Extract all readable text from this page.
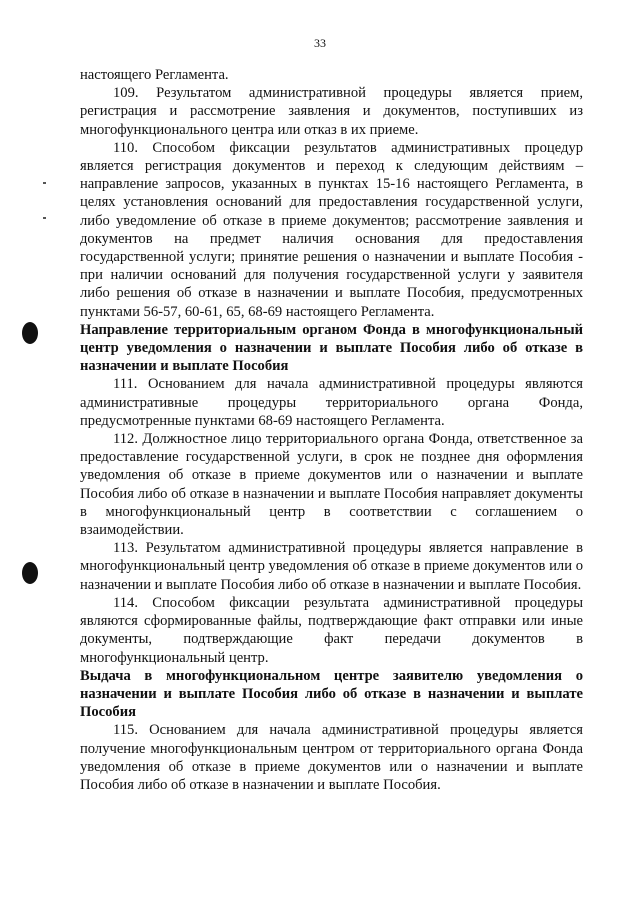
33

настоящего Регламента.

109. Результатом административной процедуры является прием, регистрация и рассмотрение заявления и документов, поступивших из многофункционального центра или отказ в их приеме.

110. Способом фиксации результатов административных процедур является регистрация документов и переход к следующим действиям – направление запросов, указанных в пунктах 15-16 настоящего Регламента, в целях установления оснований для предоставления государственной услуги, либо уведомление об отказе в приеме документов; рассмотрение заявления и документов на предмет наличия основания для предоставления государственной услуги; принятие решения о назначении и выплате Пособия - при наличии оснований для получения государственной услуги у заявителя либо решения об отказе в назначении и выплате Пособия, предусмотренных пунктами 56-57, 60-61, 65, 68-69 настоящего Регламента.

Направление территориальным органом Фонда в многофункциональный центр уведомления о назначении и выплате Пособия либо об отказе в назначении и выплате Пособия

111. Основанием для начала административной процедуры являются административные процедуры территориального органа Фонда, предусмотренные пунктами 68-69 настоящего Регламента.

112. Должностное лицо территориального органа Фонда, ответственное за предоставление государственной услуги, в срок не позднее дня оформления уведомления об отказе в приеме документов или о назначении и выплате Пособия либо об отказе в назначении и выплате Пособия направляет документы в многофункциональный центр в соответствии с соглашением о взаимодействии.

113. Результатом административной процедуры является направление в многофункциональный центр уведомления об отказе в приеме документов или о назначении и выплате Пособия либо об отказе в назначении и выплате Пособия.

114. Способом фиксации результата административной процедуры являются сформированные файлы, подтверждающие факт отправки или иные документы, подтверждающие факт передачи документов в многофункциональный центр.

Выдача в многофункциональном центре заявителю уведомления о назначении и выплате Пособия либо об отказе в назначении и выплате Пособия

115. Основанием для начала административной процедуры является получение многофункциональным центром от территориального органа Фонда уведомления об отказе в приеме документов или о назначении и выплате Пособия либо об отказе в назначении и выплате Пособия.
